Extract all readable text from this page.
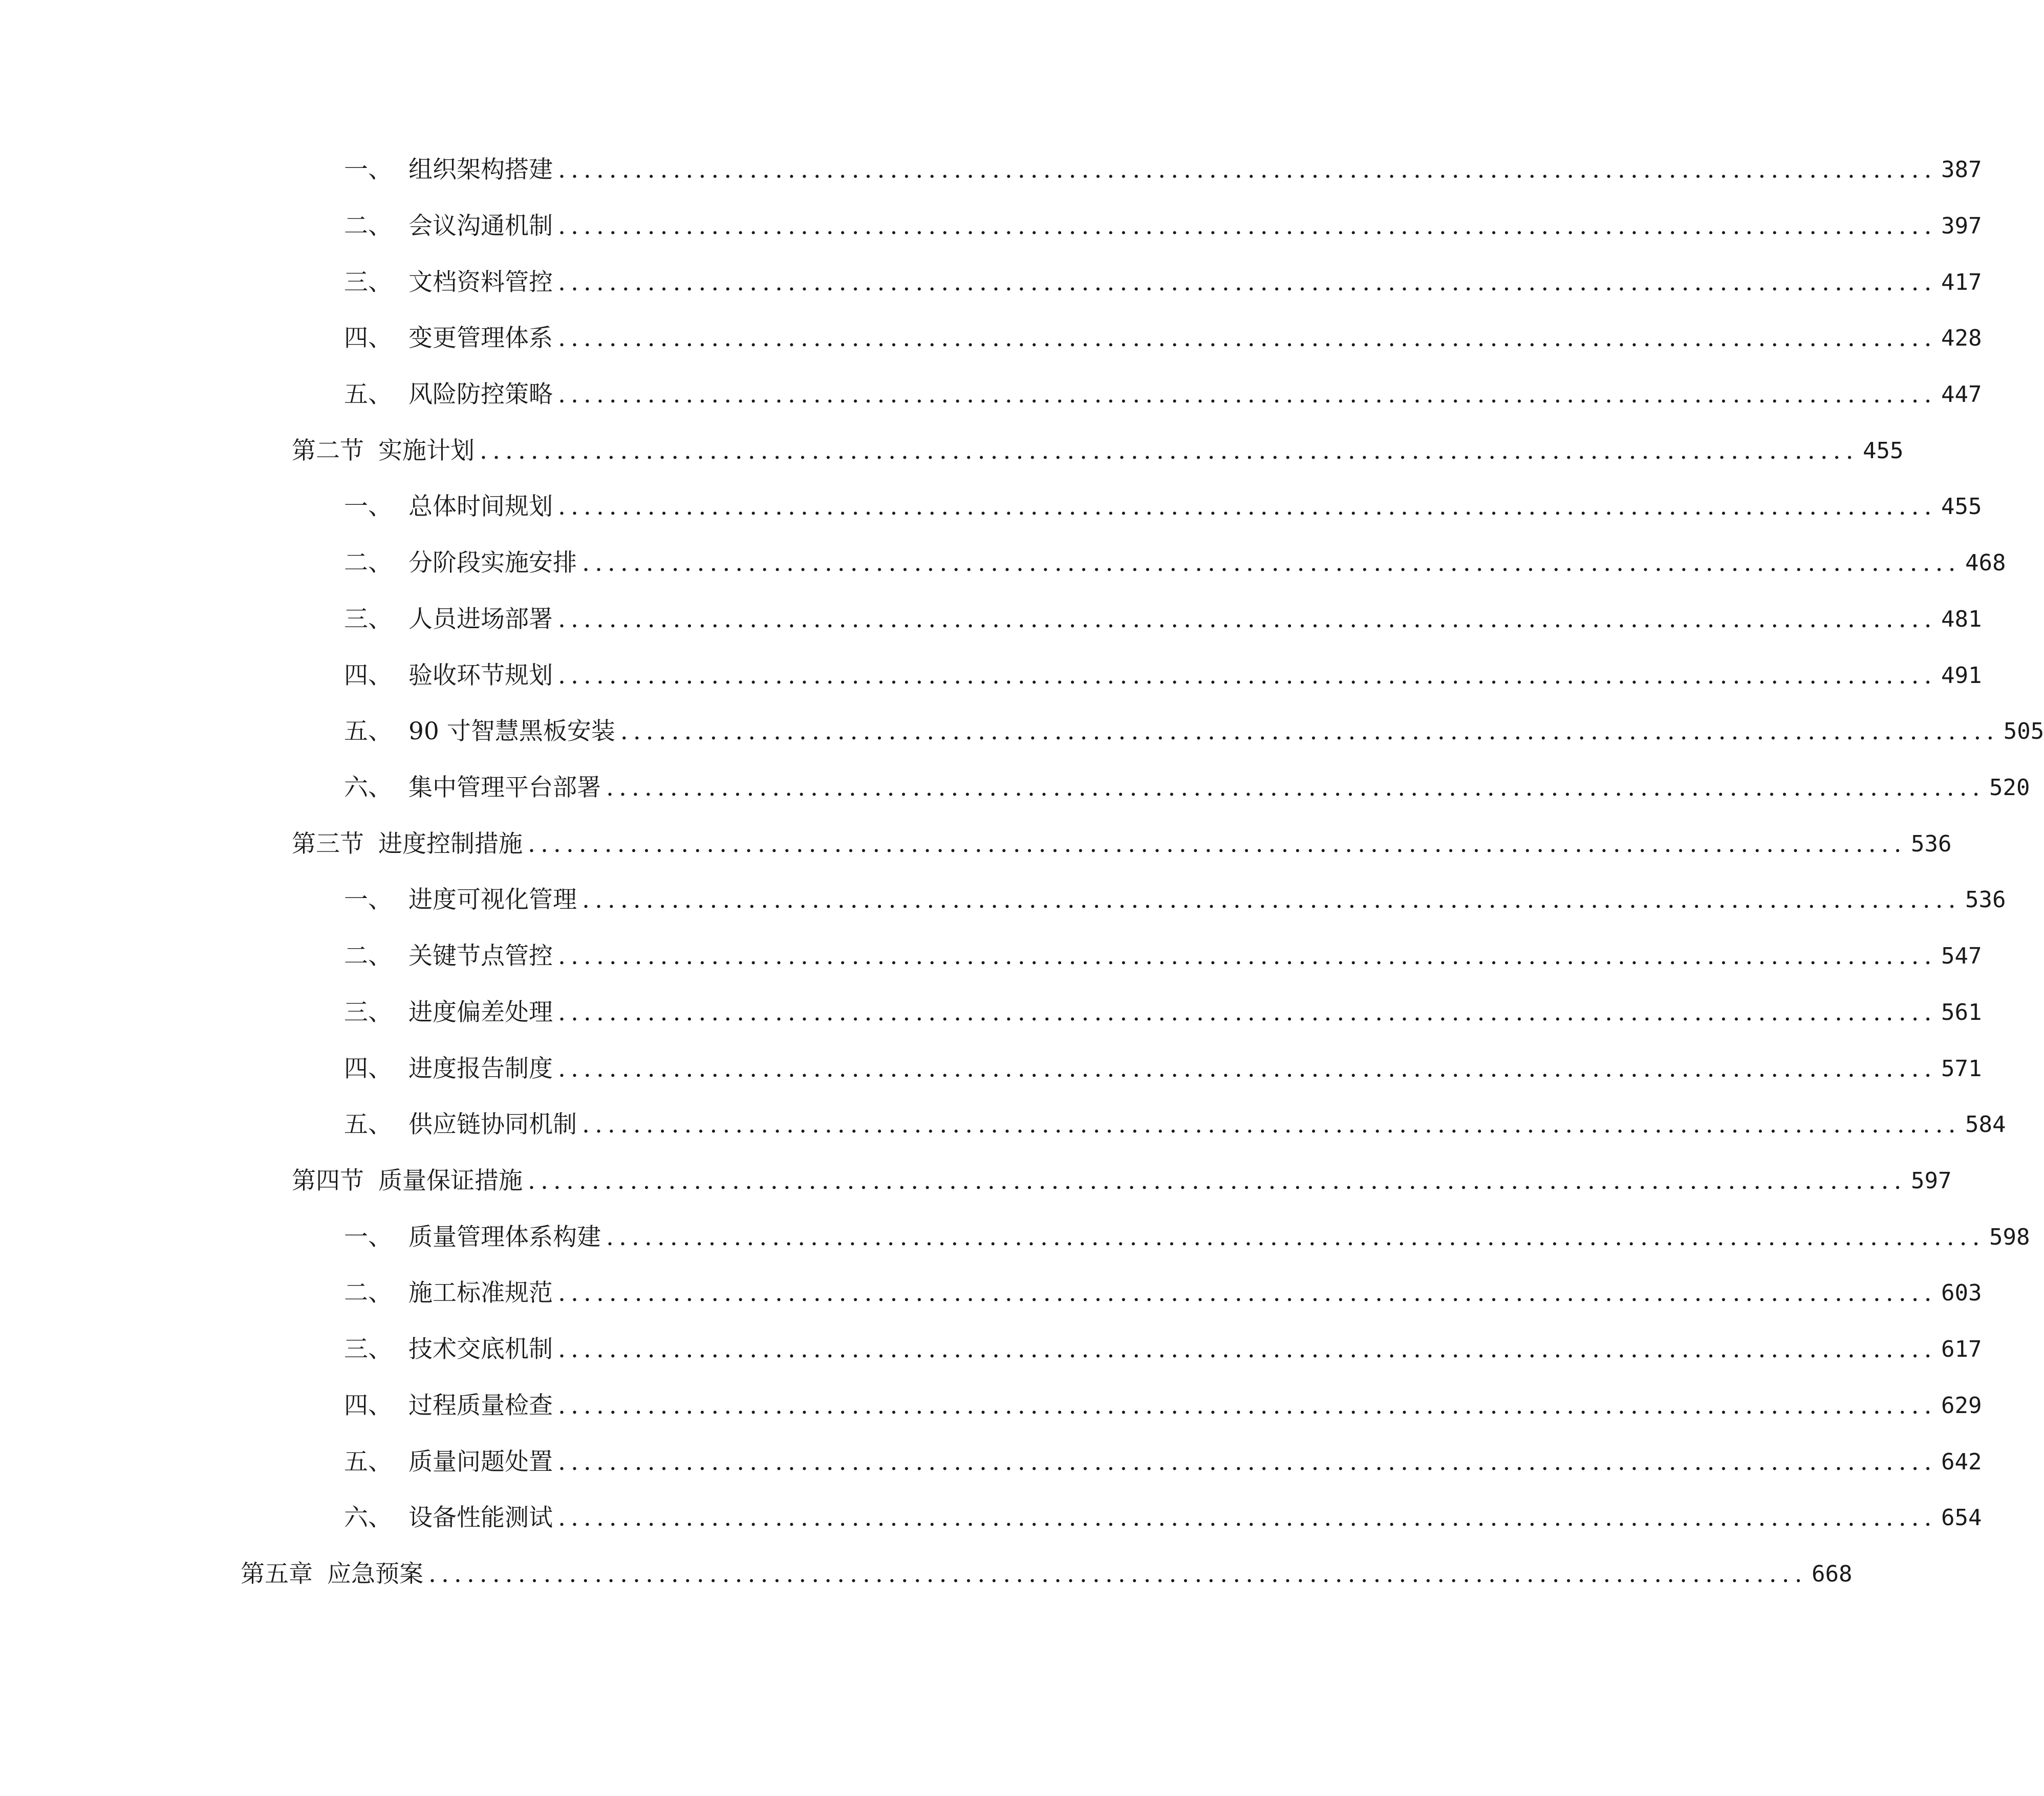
一、 组织架构搭建 ............................................................................................................ 387
二、 会议沟通机制 ............................................................................................................ 397
三、 文档资料管控 ............................................................................................................ 417
四、 变更管理体系 ............................................................................................................ 428
五、 风险防控策略 ............................................................................................................ 447
第二节 实施计划 ............................................................................................................ 455
一、 总体时间规划 ............................................................................................................ 455
二、 分阶段实施安排 ............................................................................................................ 468
三、 人员进场部署 ............................................................................................................ 481
四、 验收环节规划 ............................................................................................................ 491
五、 90 寸智慧黑板安装 ............................................................................................................ 505
六、 集中管理平台部署 ............................................................................................................ 520
第三节 进度控制措施 ............................................................................................................ 536
一、 进度可视化管理 ............................................................................................................ 536
二、 关键节点管控 ............................................................................................................ 547
三、 进度偏差处理 ............................................................................................................ 561
四、 进度报告制度 ............................................................................................................ 571
五、 供应链协同机制 ............................................................................................................ 584
第四节 质量保证措施 ............................................................................................................ 597
一、 质量管理体系构建 ............................................................................................................ 598
二、 施工标准规范 ............................................................................................................ 603
三、 技术交底机制 ............................................................................................................ 617
四、 过程质量检查 ............................................................................................................ 629
五、 质量问题处置 ............................................................................................................ 642
六、 设备性能测试 ............................................................................................................ 654
第五章 应急预案 ............................................................................................................ 668
